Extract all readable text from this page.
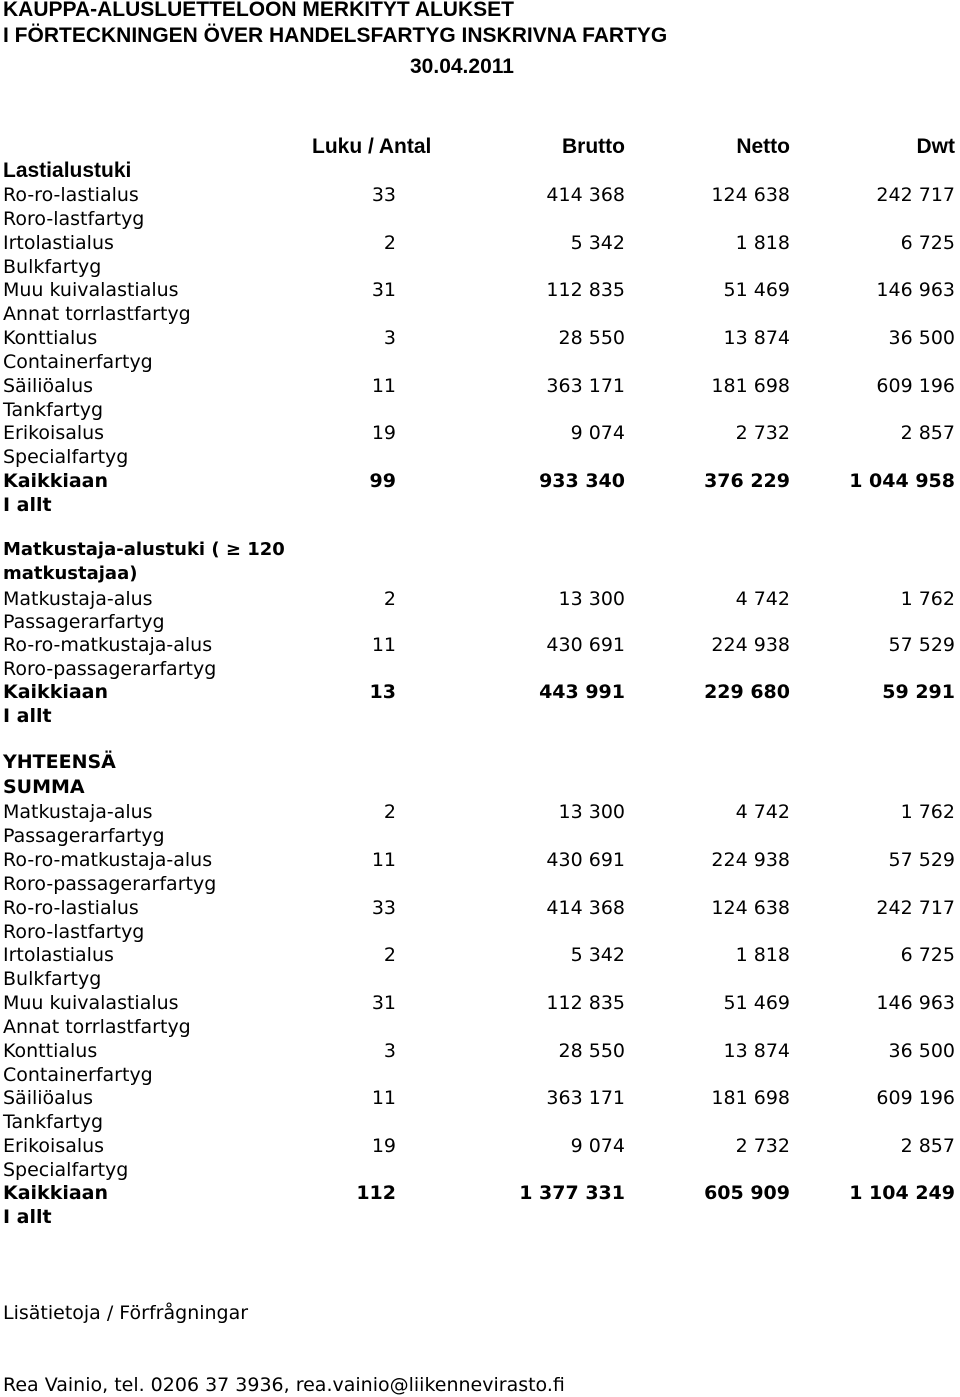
KAUPPA-ALUSLUETTELOON MERKITYT ALUKSET
I FÖRTECKNINGEN ÖVER HANDELSFARTYG INSKRIVNA FARTYG
30.04.2011
Luku / Antal	Brutto	Netto	Dwt
Lastialustuki
Ro-ro-lastialus	33	414 368	124 638	242 717
Roro-lastfartyg
Irtolastialus	2	5 342	1 818	6 725
Bulkfartyg
Muu kuivalastialus	31	112 835	51 469	146 963
Annat torrlastfartyg
Konttialus	3	28 550	13 874	36 500
Containerfartyg
Säiliöalus	11	363 171	181 698	609 196
Tankfartyg
Erikoisalus	19	9 074	2 732	2 857
Specialfartyg
Kaikkiaan	99	933 340	376 229	1 044 958
I allt
Matkustaja-alustuki ( ≥ 120
matkustajaa)
Matkustaja-alus	2	13 300	4 742	1 762
Passagerarfartyg
Ro-ro-matkustaja-alus	11	430 691	224 938	57 529
Roro-passagerarfartyg
Kaikkiaan	13	443 991	229 680	59 291
I allt
YHTEENSÄ
SUMMA
Matkustaja-alus	2	13 300	4 742	1 762
Passagerarfartyg
Ro-ro-matkustaja-alus	11	430 691	224 938	57 529
Roro-passagerarfartyg
Ro-ro-lastialus	33	414 368	124 638	242 717
Roro-lastfartyg
Irtolastialus	2	5 342	1 818	6 725
Bulkfartyg
Muu kuivalastialus	31	112 835	51 469	146 963
Annat torrlastfartyg
Konttialus	3	28 550	13 874	36 500
Containerfartyg
Säiliöalus	11	363 171	181 698	609 196
Tankfartyg
Erikoisalus	19	9 074	2 732	2 857
Specialfartyg
Kaikkiaan	112	1 377 331	605 909	1 104 249
I allt
Lisätietoja / Förfrågningar
Rea Vainio, tel. 0206 37 3936, rea.vainio@liikennevirasto.fi
